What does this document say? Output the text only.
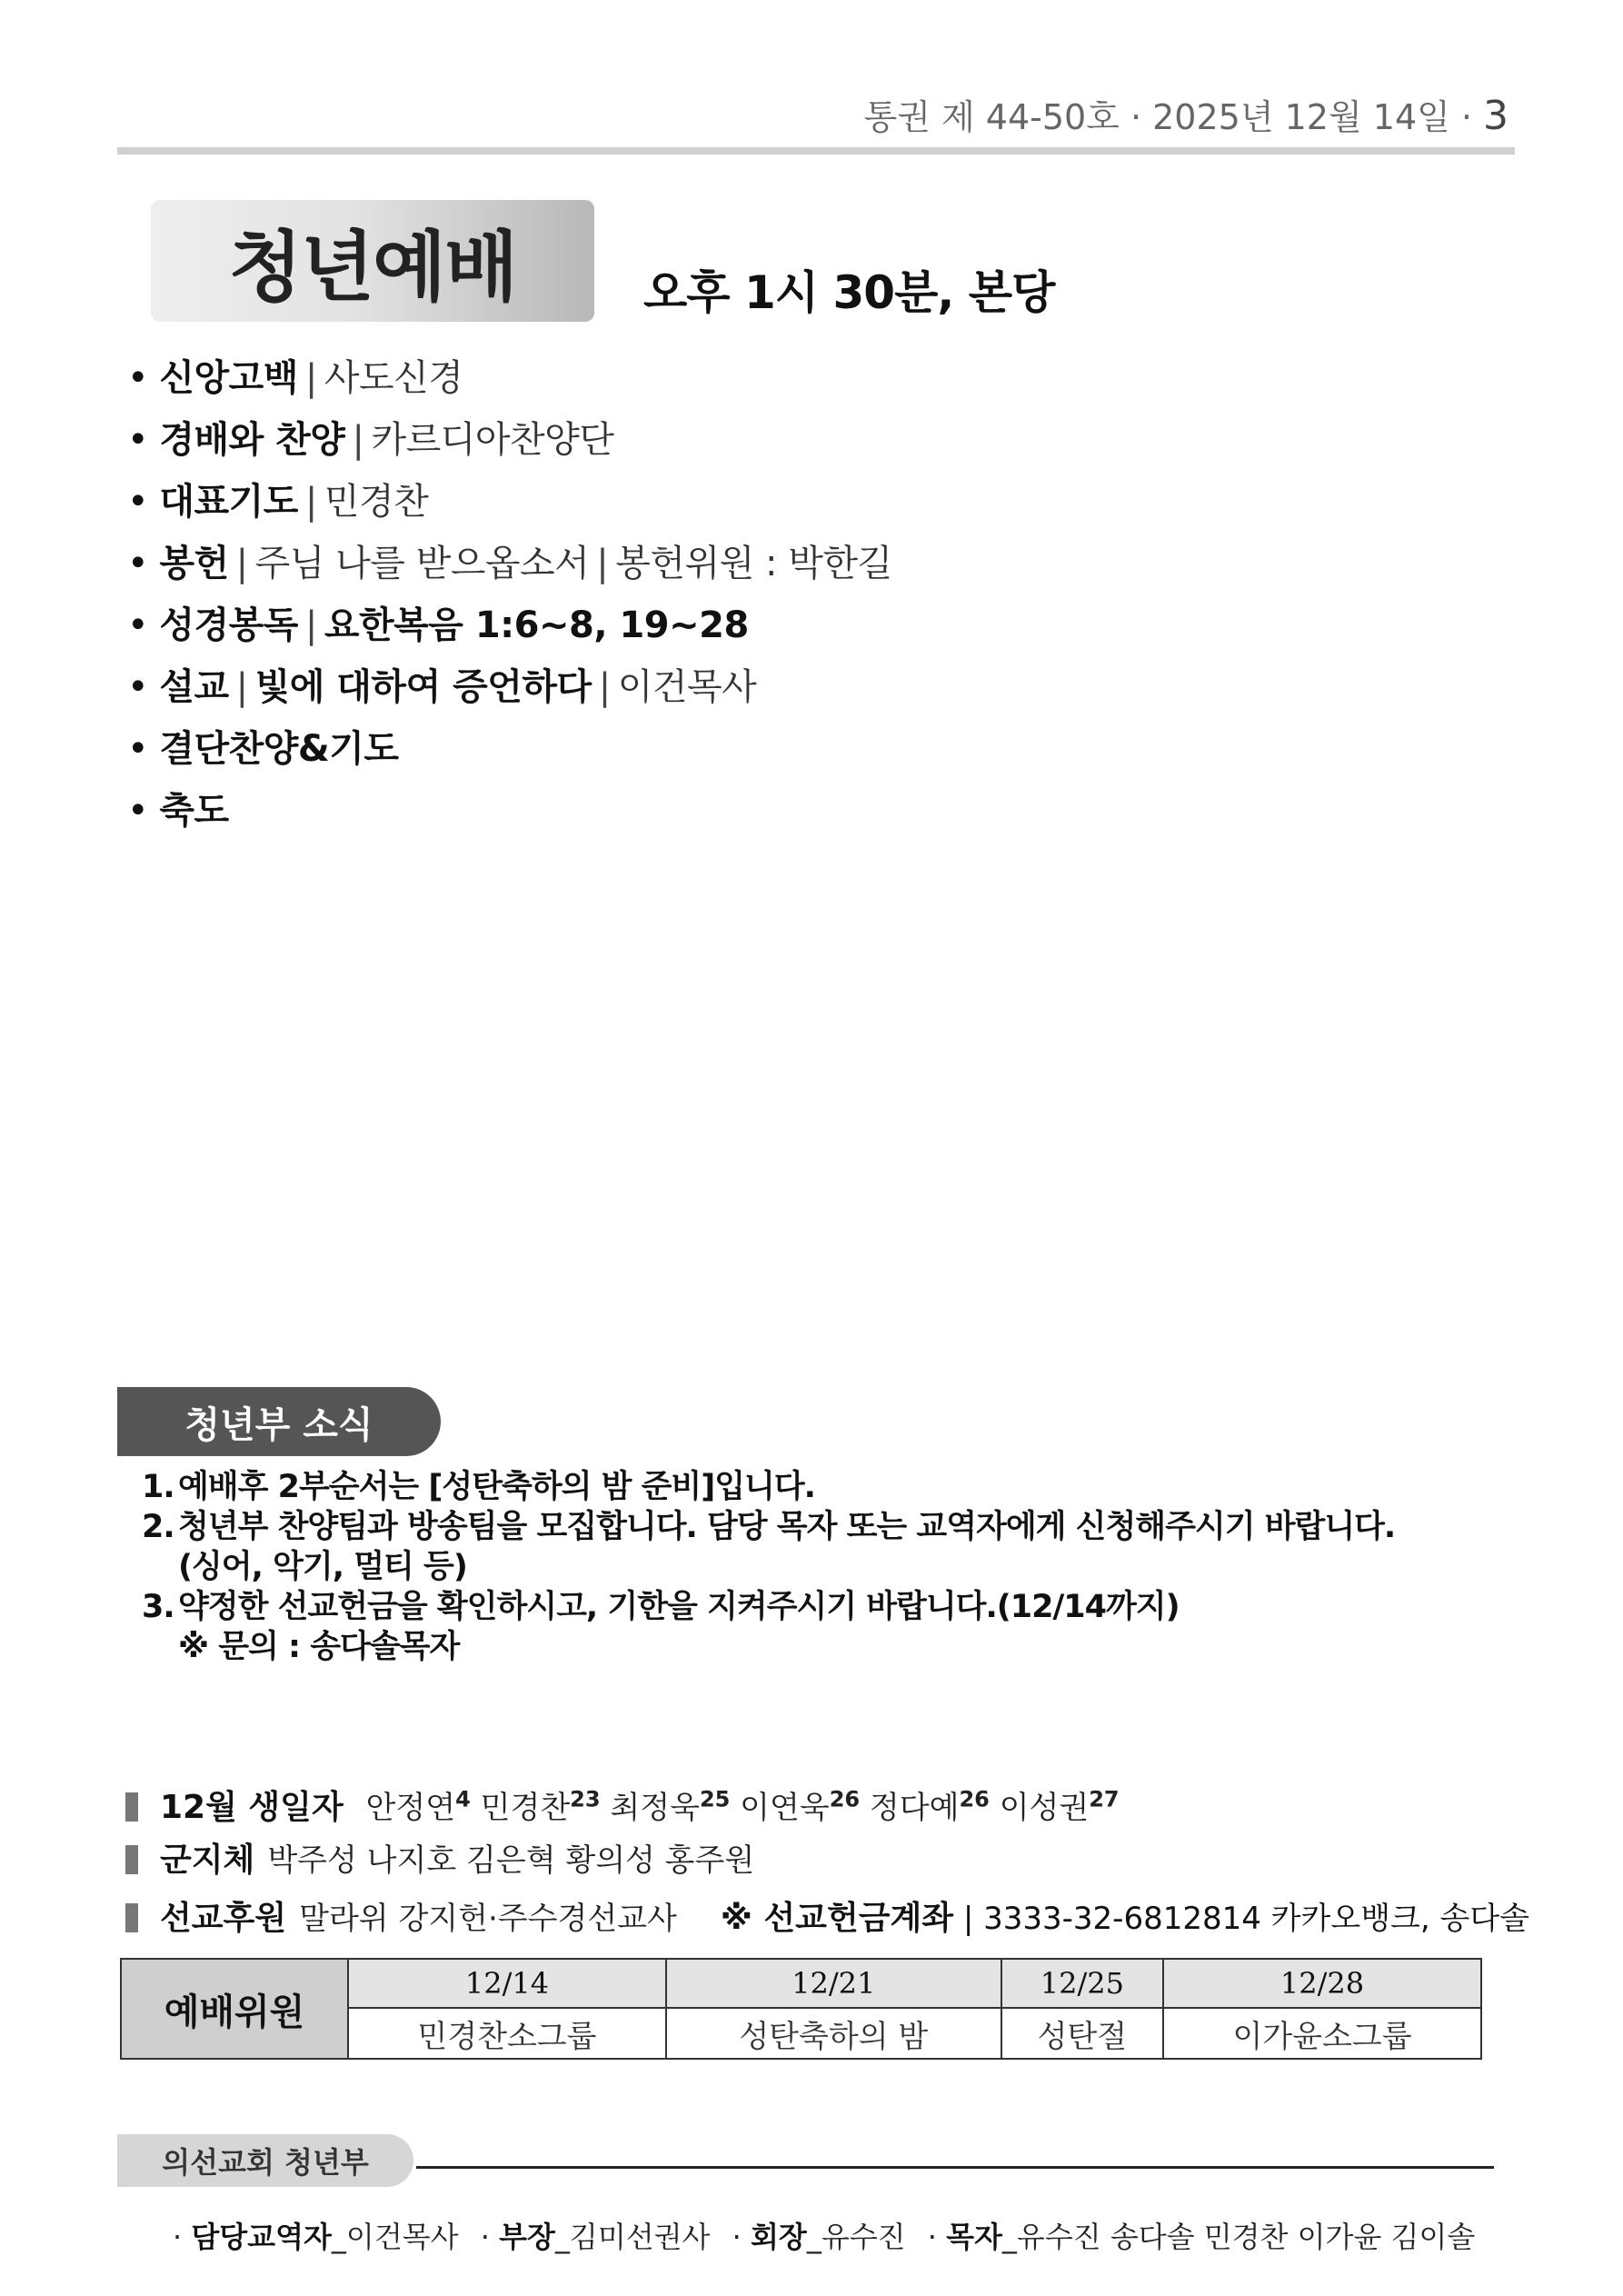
통권 제 44-50호 · 2025년 12월 14일 · 3
청년예배	오후 1시 30분, 본당
• 신앙고백 | 사도신경
• 경배와 찬양 | 카르디아찬양단
• 대표기도 | 민경찬
• 봉헌 | 주님 나를 받으옵소서 | 봉헌위원 : 박한길
• 성경봉독 | 요한복음 1:6~8, 19~28
• 설교 | 빛에 대하여 증언하다 | 이건목사
• 결단찬양&기도
• 축도
청년부 소식
1. 예배후 2부순서는 [성탄축하의 밤 준비]입니다.
2. 청년부 찬양팀과 방송팀을 모집합니다. 담당 목자 또는 교역자에게 신청해주시기 바랍니다.
(싱어, 악기, 멀티 등)
3. 약정한 선교헌금을 확인하시고, 기한을 지켜주시기 바랍니다.(12/14까지)
※ 문의 : 송다솔목자
12월 생일자 안정연$^4$ 민경찬$^{23}$ 최정욱$^{25}$ 이연욱$^{26}$ 정다예$^{26}$ 이성권$^{27}$
군지체 박주성 나지호 김은혁 황의성 홍주원
선교후원 말라위 강지헌·주수경선교사 ※ 선교헌금계좌 | 3333-32-6812814 카카오뱅크, 송다솔
예배위원	12/14	12/21	12/25	12/28
	민경찬소그룹	성탄축하의 밤	성탄절	이가윤소그룹
의선교회 청년부
· 담당교역자_이건목사 · 부장_김미선권사 · 회장_유수진 · 목자_유수진 송다솔 민경찬 이가윤 김이솔
